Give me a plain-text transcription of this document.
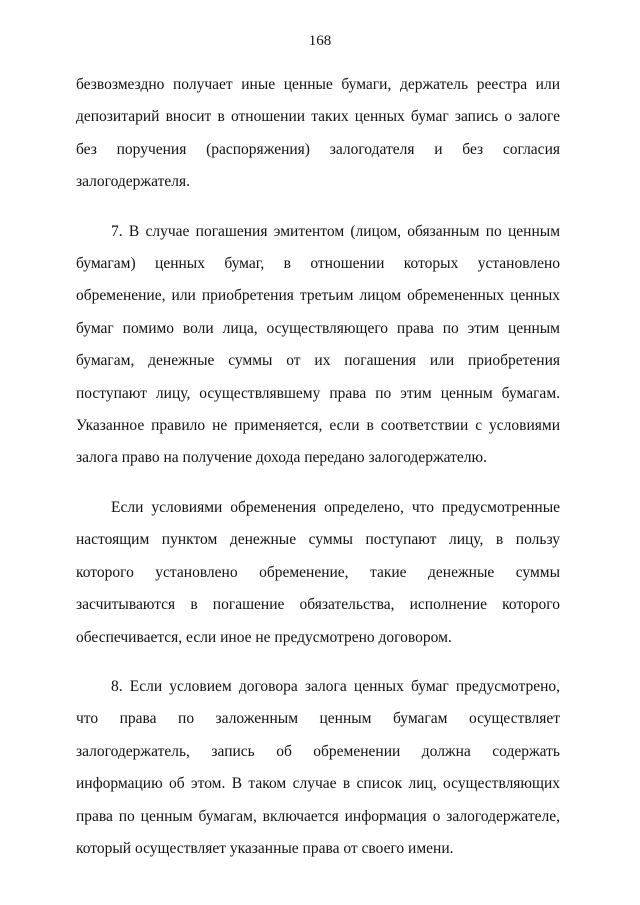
168

безвозмездно получает иные ценные бумаги, держатель реестра или депозитарий вносит в отношении таких ценных бумаг запись о залоге без поручения (распоряжения) залогодателя и без согласия залогодержателя.

7. В случае погашения эмитентом (лицом, обязанным по ценным бумагам) ценных бумаг, в отношении которых установлено обременение, или приобретения третьим лицом обремененных ценных бумаг помимо воли лица, осуществляющего права по этим ценным бумагам, денежные суммы от их погашения или приобретения поступают лицу, осуществлявшему права по этим ценным бумагам. Указанное правило не применяется, если в соответствии с условиями залога право на получение дохода передано залогодержателю.

Если условиями обременения определено, что предусмотренные настоящим пунктом денежные суммы поступают лицу, в пользу которого установлено обременение, такие денежные суммы засчитываются в погашение обязательства, исполнение которого обеспечивается, если иное не предусмотрено договором.

8. Если условием договора залога ценных бумаг предусмотрено, что права по заложенным ценным бумагам осуществляет залогодержатель, запись об обременении должна содержать информацию об этом. В таком случае в список лиц, осуществляющих права по ценным бумагам, включается информация о залогодержателе, который осуществляет указанные права от своего имени.
